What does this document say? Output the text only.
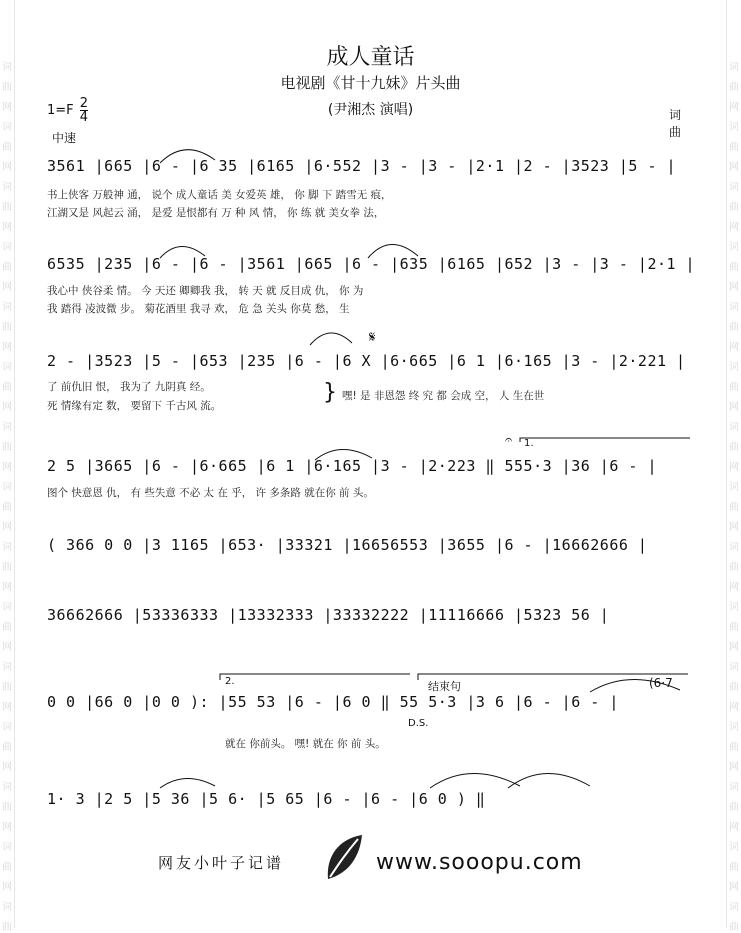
词	词
曲	曲
网	网
词	词
曲	曲
网	网
词	词
曲	曲
网	网
词	词
曲	曲
网	网
词	词
曲	曲
网	网
词	词
曲	曲
网	网
词	词
曲	曲
网	网
词	词
曲	曲
网	网
词	词
曲	曲
网	网
词	词
曲	曲
网	网
词	词
曲	曲
网	网
词	词
曲	曲
网	网
词	词
曲	曲
网	网
词	词
曲	曲
网	网
词	词
曲	曲
成人童话
电视剧《甘十九妹》片头曲
(尹湘杰 演唱)
$1=F \frac{2}{4}$
中速
词
曲
3561 |665 |6 - |6 35 |6165 |6·552 |3 - |3 - |2·1 |2 - |3523 |5 - |
书上侠客 万般神 通， 说个 成人童话 美 女爱英 雄， 你 脚 下 踏雪无 痕，
江湖又是 风起云 涌， 是爱 是恨都有 万 种 风 情， 你 练 就 美女拳 法，
6535 |235 |6 - |6 - |3561 |665 |6 - |635 |6165 |652 |3 - |3 - |2·1 |
我心中 侠谷柔 情。 今 天还 卿卿我 我， 转 天 就 反目成 仇， 你 为
我 踏得 凌波微 步。 菊花酒里 我寻 欢， 危 急 关头 你莫 愁， 生
𝄋
2 - |3523 |5 - |653 |235 |6 - |6 X |6·665 |6 1 |6·165 |3 - |2·221 |
了 前仇旧 恨， 我为了 九阴真 经。
死 情缘有定 数， 要留下 千古风 流。
} 嘿! 是 非恩怨 终 究 都 会成 空， 人 生在世
𝄐 1.
2 5 |3665 |6 - |6·665 |6 1 |6·165 |3 - |2·223 ‖ 555·3 |36 |6 - |
图个 快意恩 仇， 有 些失意 不必 太 在 乎， 许 多条路 就在你 前 头。
( 366 0 0 |3 1165 |653· |33321 |16656553 |3655 |6 - |16662666 |
36662666 |53336333 |13332333 |33332222 |11116666 |5323 56 |
2.	结束句	(6·7
0 0 |66 0 |0 0 ): |55 53 |6 - |6 0 ‖ 55 5·3 |3 6 |6 - |6 - |
D.S.
就在 你前头。 嘿! 就在 你 前 头。
1· 3 |2 5 |5 36 |5 6· |5 65 |6 - |6 - |6 0 ) ‖
网友小叶子记谱	www.sooopu.com
